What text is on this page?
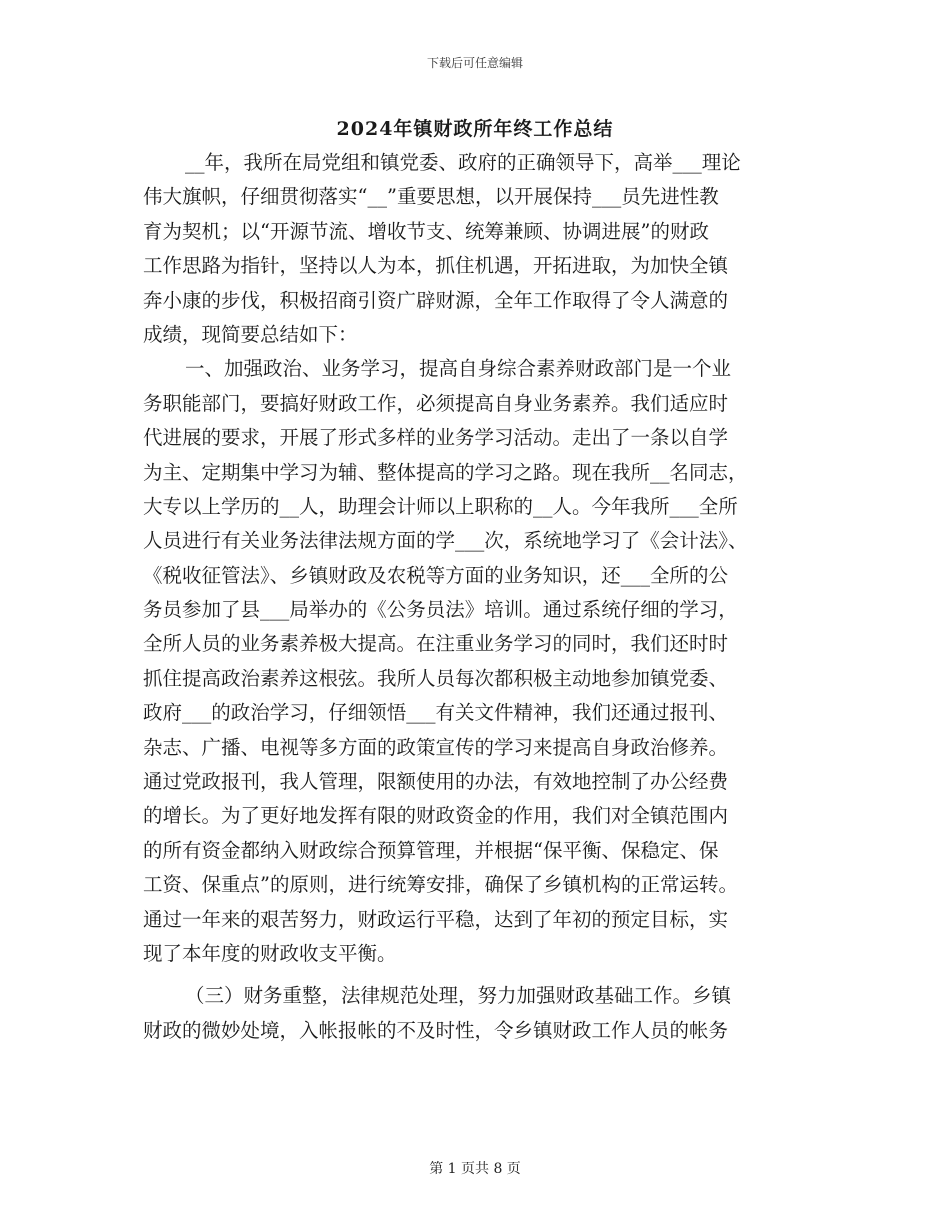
下载后可任意编辑
2024年镇财政所年终工作总结
__年，我所在局党组和镇党委、政府的正确领导下，高举___理论
伟大旗帜，仔细贯彻落实“__”重要思想，以开展保持___员先进性教
育为契机；以“开源节流、增收节支、统筹兼顾、协调进展”的财政
工作思路为指针，坚持以人为本，抓住机遇，开拓进取，为加快全镇
奔小康的步伐，积极招商引资广辟财源，全年工作取得了令人满意的
成绩，现简要总结如下：
一、加强政治、业务学习，提高自身综合素养财政部门是一个业
务职能部门，要搞好财政工作，必须提高自身业务素养。我们适应时
代进展的要求，开展了形式多样的业务学习活动。走出了一条以自学
为主、定期集中学习为辅、整体提高的学习之路。现在我所__名同志，
大专以上学历的__人，助理会计师以上职称的__人。今年我所___全所
人员进行有关业务法律法规方面的学___次，系统地学习了《会计法》、
《税收征管法》、乡镇财政及农税等方面的业务知识，还___全所的公
务员参加了县___局举办的《公务员法》培训。通过系统仔细的学习，
全所人员的业务素养极大提高。在注重业务学习的同时，我们还时时
抓住提高政治素养这根弦。我所人员每次都积极主动地参加镇党委、
政府___的政治学习，仔细领悟___有关文件精神，我们还通过报刊、
杂志、广播、电视等多方面的政策宣传的学习来提高自身政治修养。
通过党政报刊，我人管理，限额使用的办法，有效地控制了办公经费
的增长。为了更好地发挥有限的财政资金的作用，我们对全镇范围内
的所有资金都纳入财政综合预算管理，并根据“保平衡、保稳定、保
工资、保重点”的原则，进行统筹安排，确保了乡镇机构的正常运转。
通过一年来的艰苦努力，财政运行平稳，达到了年初的预定目标，实
现了本年度的财政收支平衡。
（三）财务重整，法律规范处理，努力加强财政基础工作。乡镇
财政的微妙处境，入帐报帐的不及时性，令乡镇财政工作人员的帐务
第 1 页共 8 页
